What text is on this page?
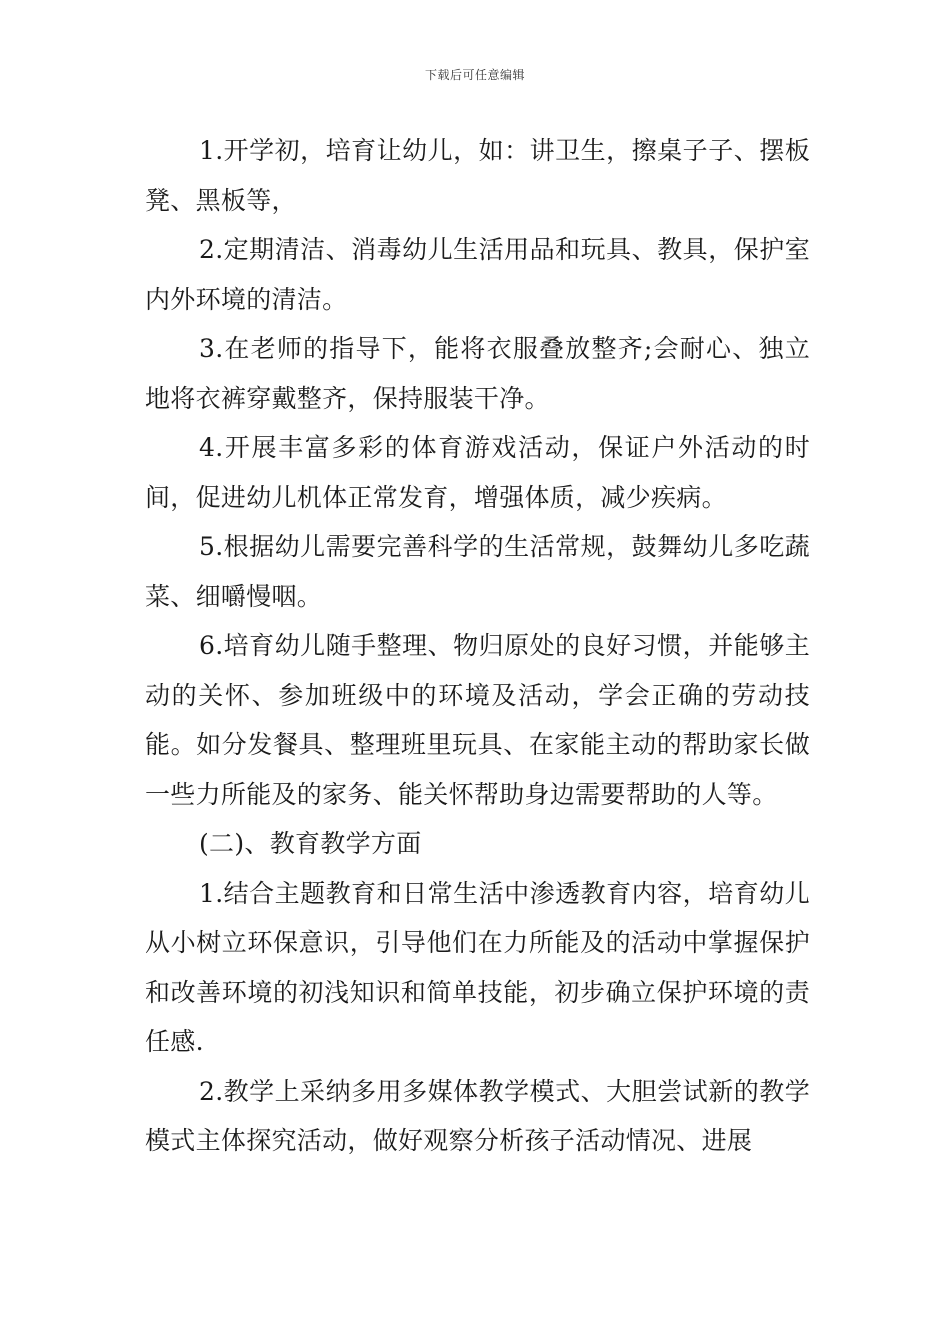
下载后可任意编辑

1.开学初，培育让幼儿，如：讲卫生，擦桌子子、摆板凳、黑板等，

2.定期清洁、消毒幼儿生活用品和玩具、教具，保护室内外环境的清洁。

3.在老师的指导下，能将衣服叠放整齐;会耐心、独立地将衣裤穿戴整齐，保持服装干净。

4.开展丰富多彩的体育游戏活动，保证户外活动的时间，促进幼儿机体正常发育，增强体质，减少疾病。

5.根据幼儿需要完善科学的生活常规，鼓舞幼儿多吃蔬菜、细嚼慢咽。

6.培育幼儿随手整理、物归原处的良好习惯，并能够主动的关怀、参加班级中的环境及活动，学会正确的劳动技能。如分发餐具、整理班里玩具、在家能主动的帮助家长做一些力所能及的家务、能关怀帮助身边需要帮助的人等。

(二)、教育教学方面

1.结合主题教育和日常生活中渗透教育内容，培育幼儿从小树立环保意识，引导他们在力所能及的活动中掌握保护和改善环境的初浅知识和简单技能，初步确立保护环境的责任感.

2.教学上采纳多用多媒体教学模式、大胆尝试新的教学模式主体探究活动，做好观察分析孩子活动情况、进展
